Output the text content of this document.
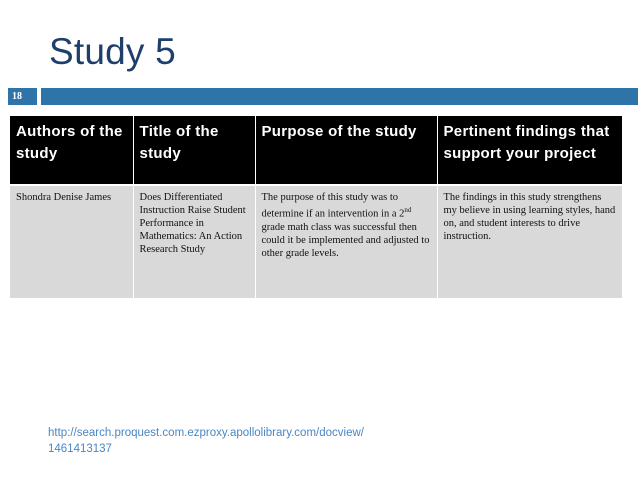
Study 5
18
Authors of the study	Title of the study	Purpose of the study	Pertinent findings that support your project
Shondra Denise James	Does Differentiated Instruction Raise Student Performance in Mathematics: An Action Research Study	The purpose of this study was to determine if an intervention in a 2nd grade math class was successful then could it be implemented and adjusted to other grade levels.	The findings in this study strengthens my believe in using learning styles, hand on, and student interests to drive instruction.
http://search.proquest.com.ezproxy.apollolibrary.com/docview/
1461413137
